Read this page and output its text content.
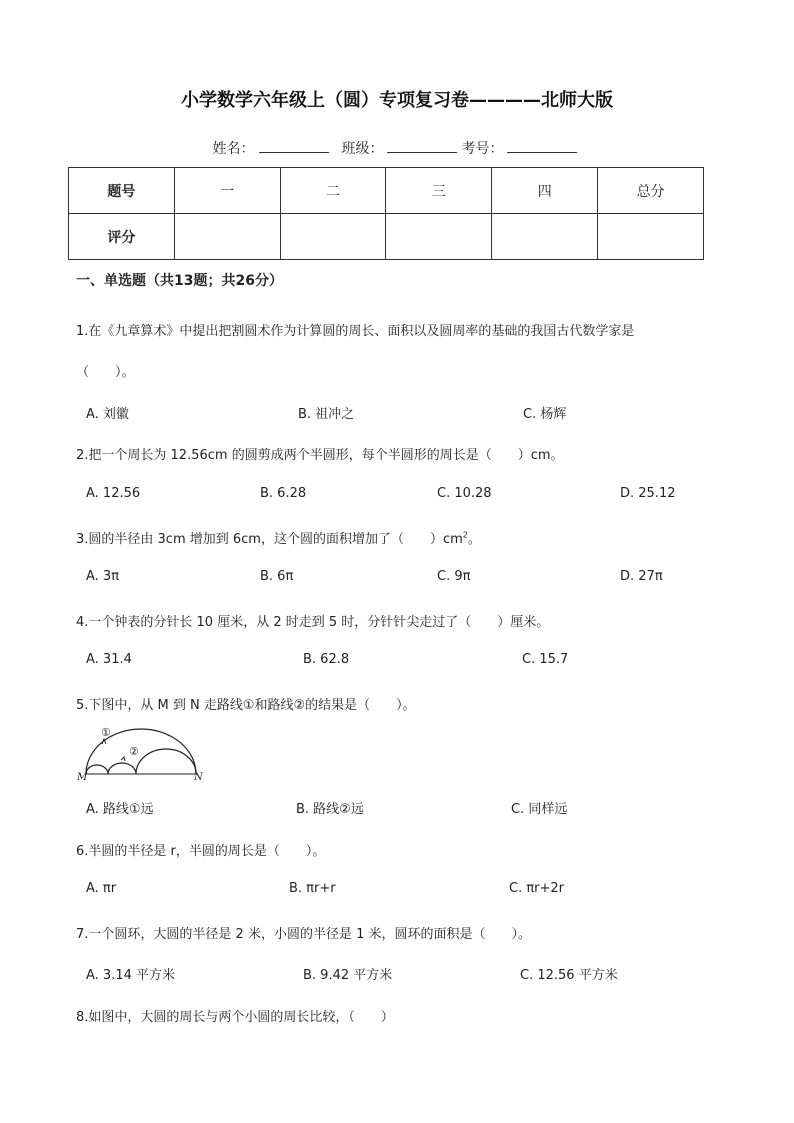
小学数学六年级上（圆）专项复习卷————北师大版
姓名：	班级：	考号：
题号	一	二	三	四	总分
评分					
一、单选题（共13题；共26分）
1.在《九章算术》中提出把割圆术作为计算圆的周长、面积以及圆周率的基础的我国古代数学家是
（　　）。
A. 刘徽	B. 祖冲之	C. 杨辉
2.把一个周长为 12.56cm 的圆剪成两个半圆形，每个半圆形的周长是（　　）cm。
A. 12.56	B. 6.28	C. 10.28	D. 25.12
3.圆的半径由 3cm 增加到 6cm，这个圆的面积增加了（　　）$cm^2$。
A. 3π	B. 6π	C. 9π	D. 27π
4.一个钟表的分针长 10 厘米，从 2 时走到 5 时，分针针尖走过了（　　）厘米。
A. 31.4	B. 62.8	C. 15.7
5.下图中，从 M 到 N 走路线①和路线②的结果是（　　）。
①
②
M	N
A. 路线①远	B. 路线②远	C. 同样远
6.半圆的半径是 r，半圆的周长是（　　）。
A. πr	B. πr+r	C. πr+2r
7.一个圆环，大圆的半径是 2 米，小圆的半径是 1 米，圆环的面积是（　　）。
A. 3.14 平方米	B. 9.42 平方米	C. 12.56 平方米
8.如图中，大圆的周长与两个小圆的周长比较，（　　）
